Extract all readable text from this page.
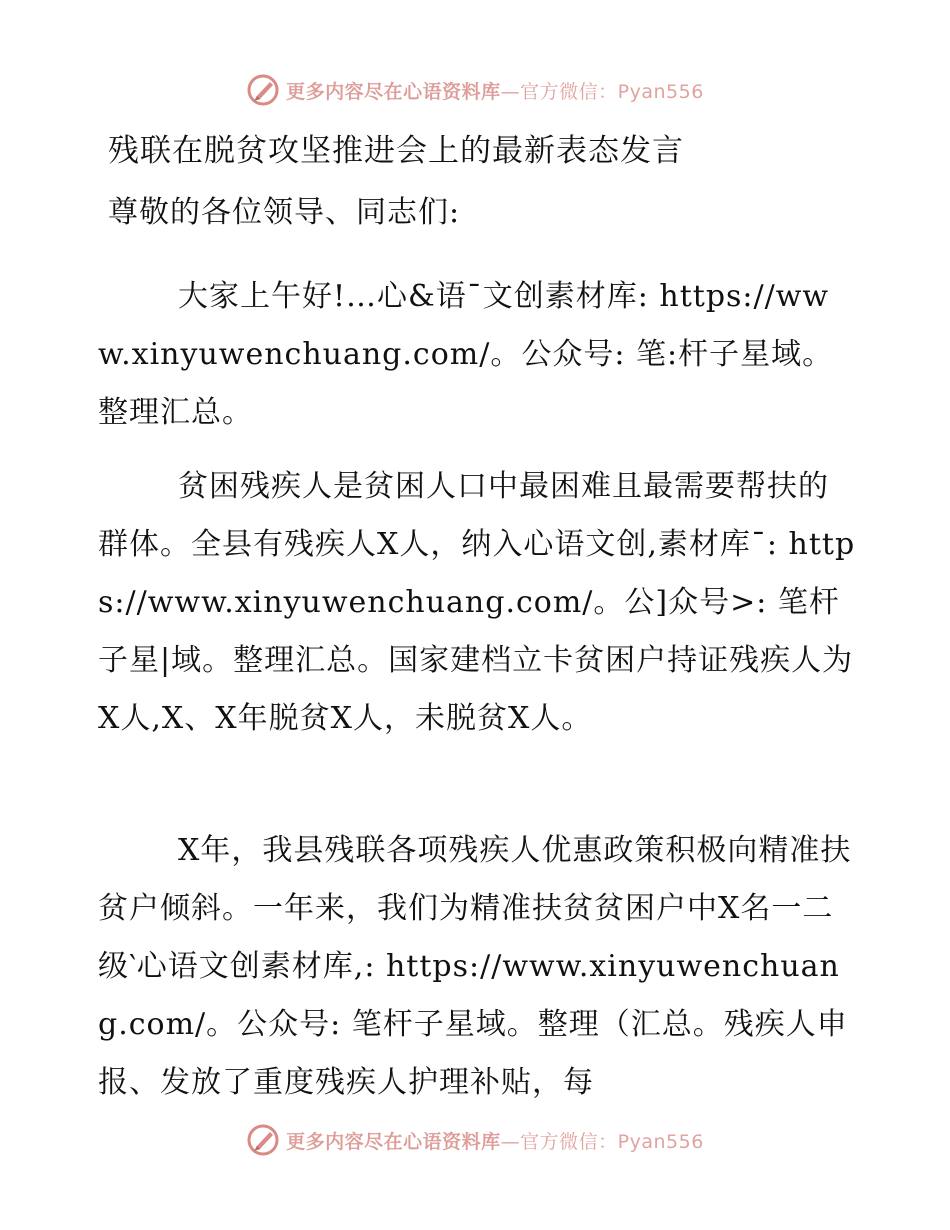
更多内容尽在心语资料库—官方微信：Pyan556
残联在脱贫攻坚推进会上的最新表态发言
尊敬的各位领导、同志们:

大家上午好!…心&语¯文创素材库: https://www.xinyuwenchuang.com/。公众号: 笔:杆子星域。整理汇总。

贫困残疾人是贫困人口中最困难且最需要帮扶的群体。全县有残疾人X人，纳入心语文创,素材库¯: https://www.xinyuwenchuang.com/。公]众号>: 笔杆子星|域。整理汇总。国家建档立卡贫困户持证残疾人为X人,X、X年脱贫X人，未脱贫X人。

X年，我县残联各项残疾人优惠政策积极向精准扶贫户倾斜。一年来，我们为精准扶贫贫困户中X名一二级‵心语文创素材库,: https://www.xinyuwenchuang.com/。公众号: 笔杆子星域。整理（汇总。残疾人申报、发放了重度残疾人护理补贴，每

更多内容尽在心语资料库—官方微信：Pyan556
